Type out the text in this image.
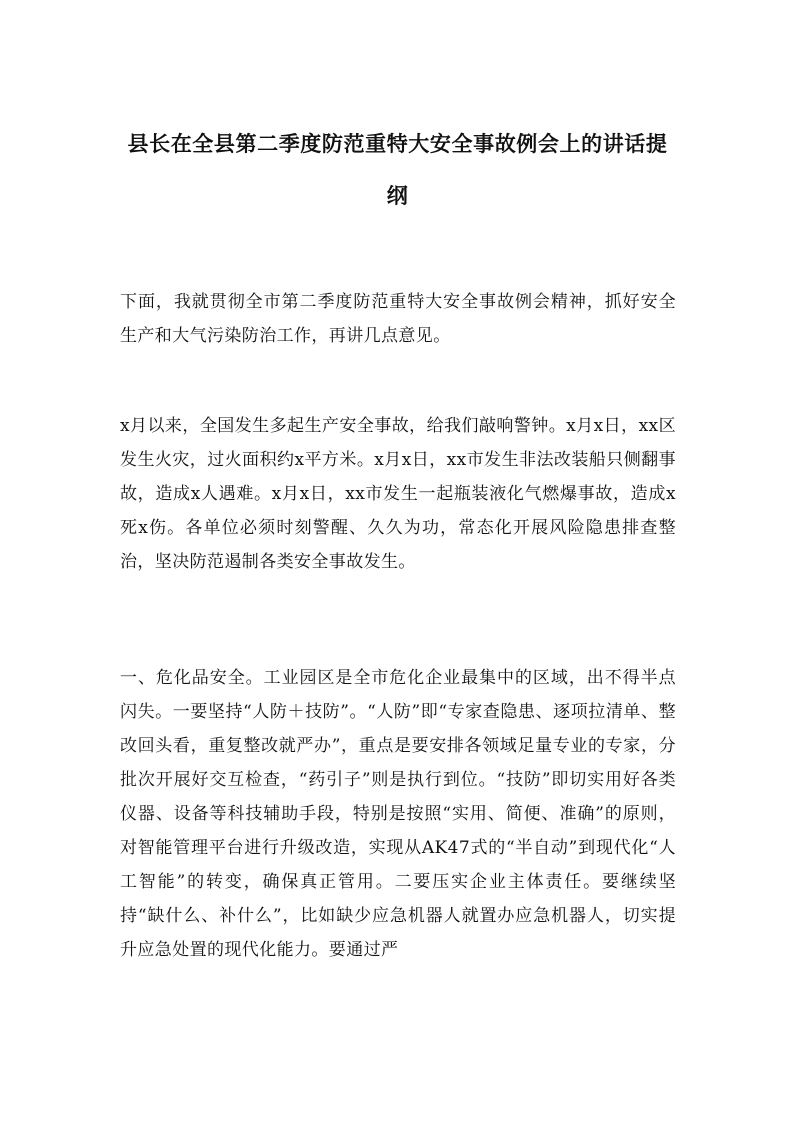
县长在全县第二季度防范重特大安全事故例会上的讲话提纲

下面，我就贯彻全市第二季度防范重特大安全事故例会精神，抓好安全生产和大气污染防治工作，再讲几点意见。

x月以来，全国发生多起生产安全事故，给我们敲响警钟。x月x日，xx区发生火灾，过火面积约x平方米。x月x日，xx市发生非法改装船只侧翻事故，造成x人遇难。x月x日，xx市发生一起瓶装液化气燃爆事故，造成x死x伤。各单位必须时刻警醒、久久为功，常态化开展风险隐患排查整治，坚决防范遏制各类安全事故发生。

一、危化品安全。工业园区是全市危化企业最集中的区域，出不得半点闪失。一要坚持“人防＋技防”。“人防”即“专家查隐患、逐项拉清单、整改回头看，重复整改就严办”，重点是要安排各领域足量专业的专家，分批次开展好交互检查，“药引子”则是执行到位。“技防”即切实用好各类仪器、设备等科技辅助手段，特别是按照“实用、简便、准确”的原则，对智能管理平台进行升级改造，实现从AK47式的“半自动”到现代化“人工智能”的转变，确保真正管用。二要压实企业主体责任。要继续坚持“缺什么、补什么”，比如缺少应急机器人就置办应急机器人，切实提升应急处置的现代化能力。要通过严
